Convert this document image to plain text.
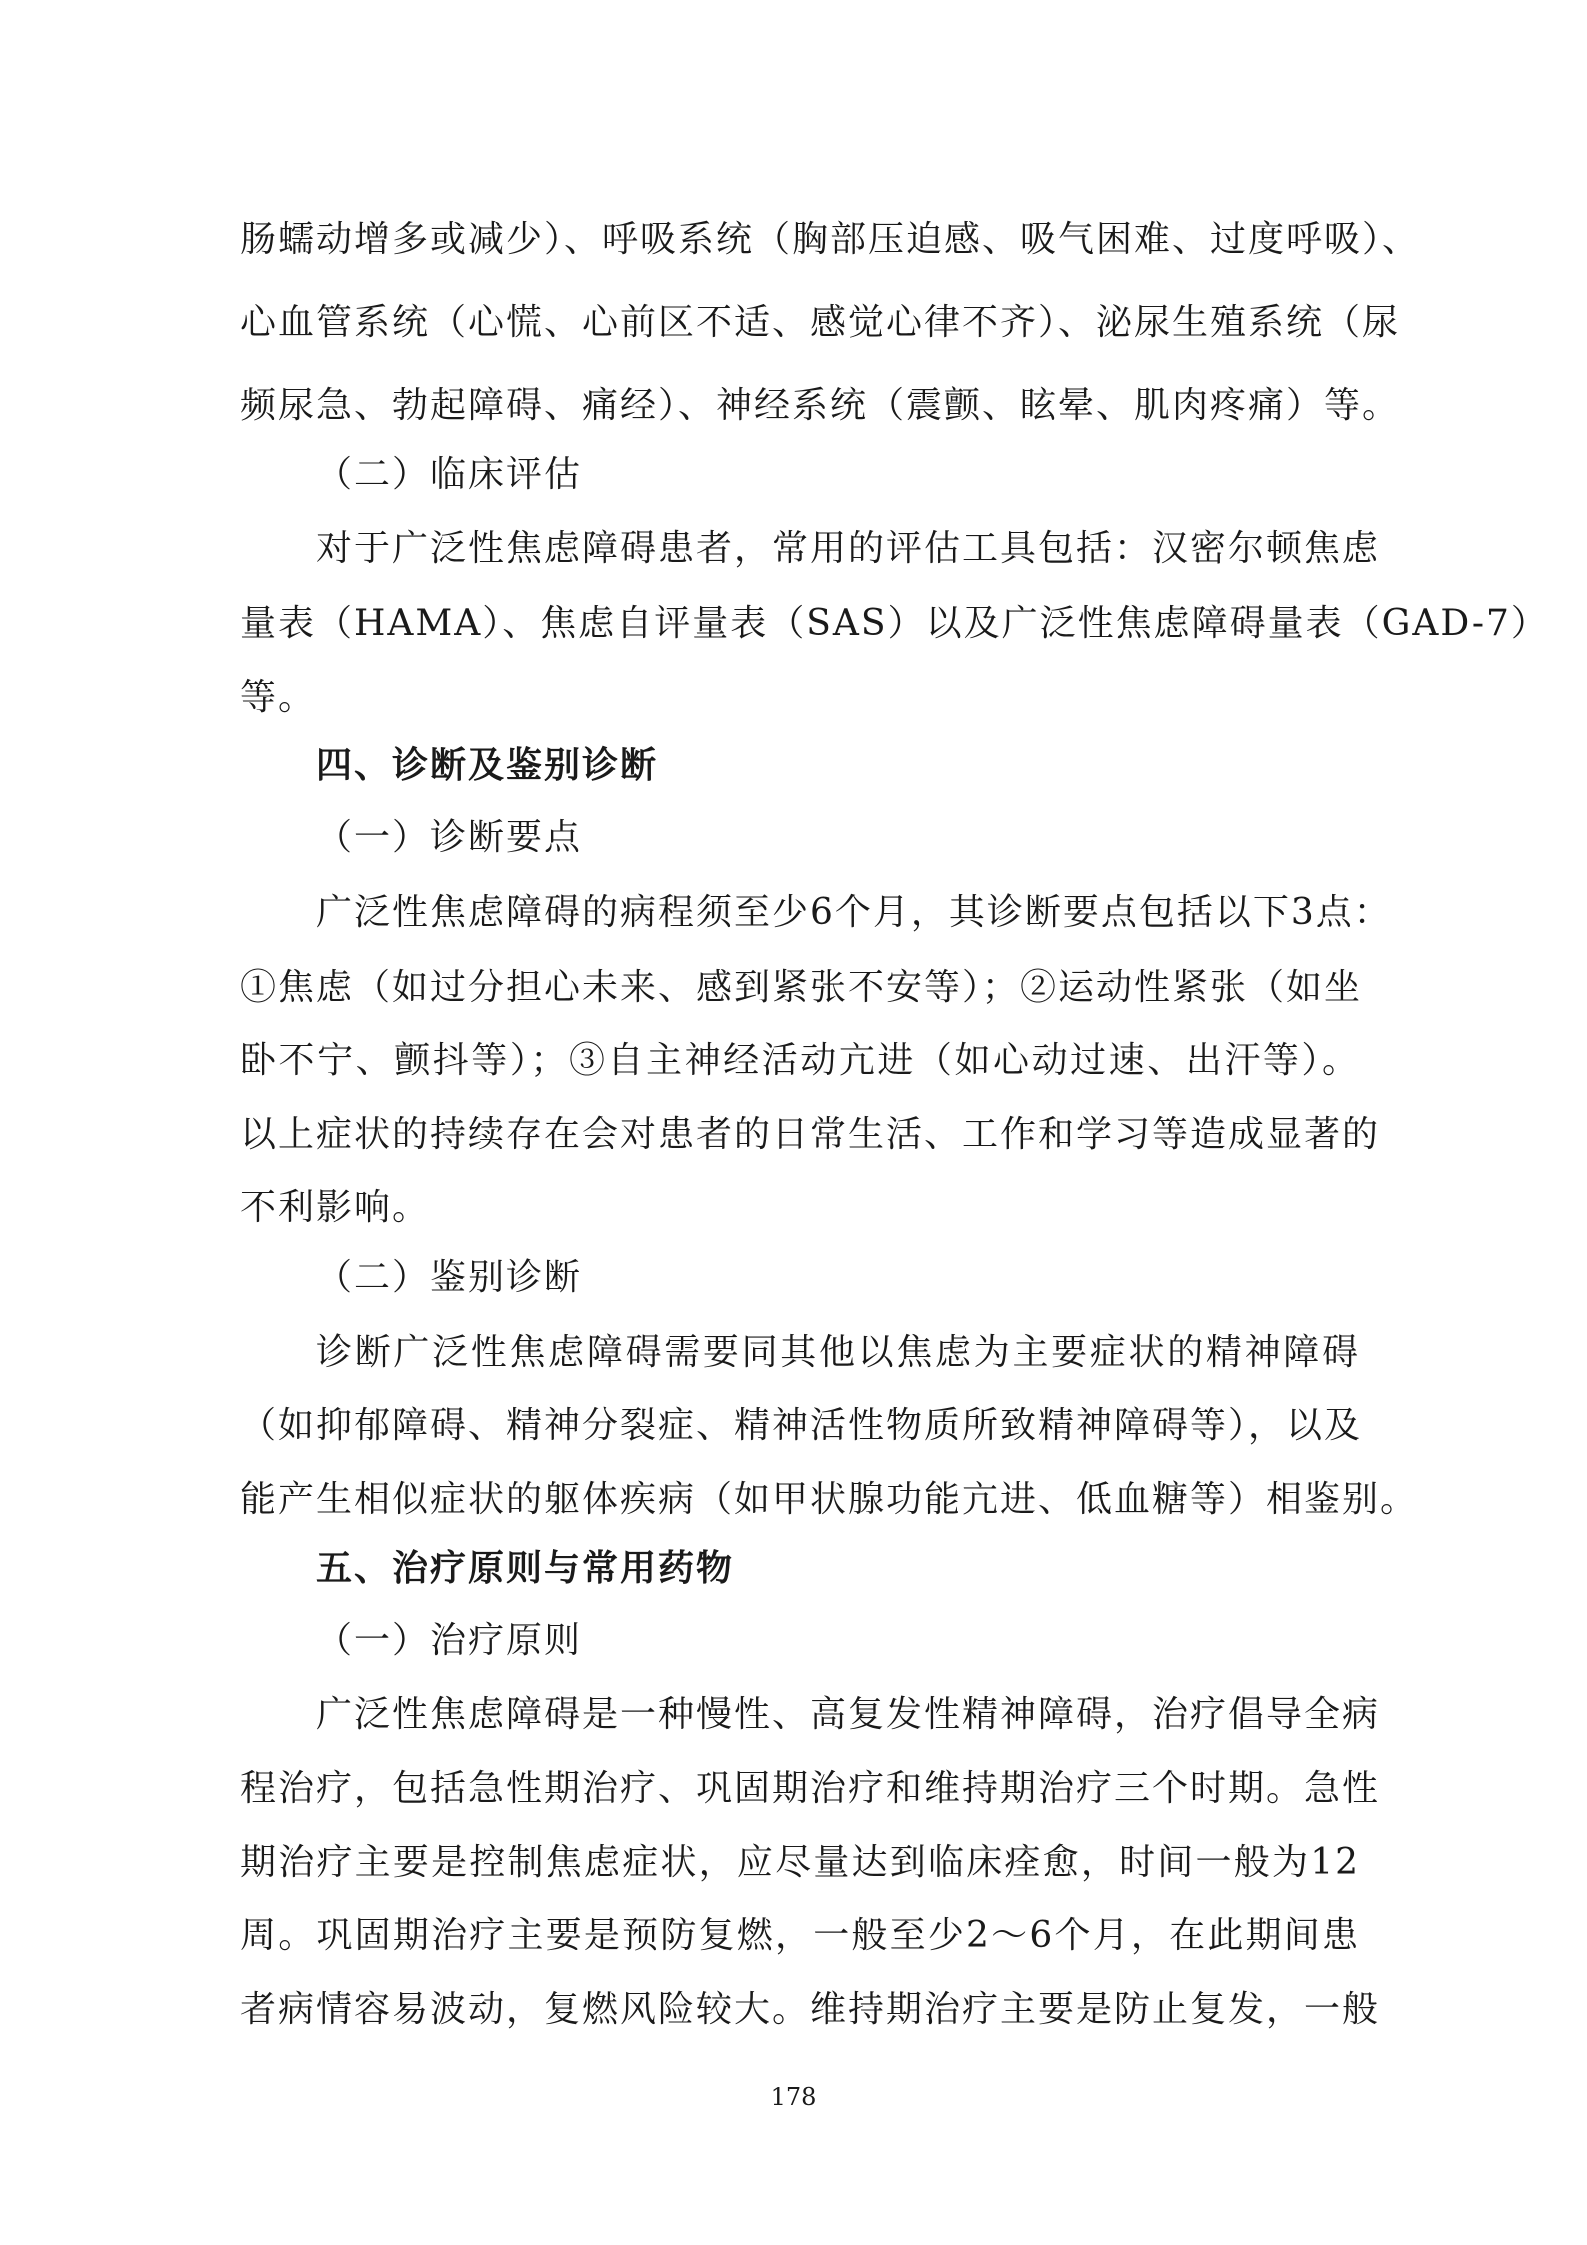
肠蠕动增多或减少）、呼吸系统（胸部压迫感、吸气困难、过度呼吸）、
心血管系统（心慌、心前区不适、感觉心律不齐）、泌尿生殖系统（尿
频尿急、勃起障碍、痛经）、神经系统（震颤、眩晕、肌肉疼痛）等。
（二）临床评估
对于广泛性焦虑障碍患者，常用的评估工具包括：汉密尔顿焦虑
量表（HAMA）、焦虑自评量表（SAS）以及广泛性焦虑障碍量表（GAD-7）
等。
四、诊断及鉴别诊断
（一）诊断要点
广泛性焦虑障碍的病程须至少6个月，其诊断要点包括以下3点：
①焦虑（如过分担心未来、感到紧张不安等）；②运动性紧张（如坐
卧不宁、颤抖等）；③自主神经活动亢进（如心动过速、出汗等）。
以上症状的持续存在会对患者的日常生活、工作和学习等造成显著的
不利影响。
（二）鉴别诊断
诊断广泛性焦虑障碍需要同其他以焦虑为主要症状的精神障碍
（如抑郁障碍、精神分裂症、精神活性物质所致精神障碍等），以及
能产生相似症状的躯体疾病（如甲状腺功能亢进、低血糖等）相鉴别。
五、治疗原则与常用药物
（一）治疗原则
广泛性焦虑障碍是一种慢性、高复发性精神障碍，治疗倡导全病
程治疗，包括急性期治疗、巩固期治疗和维持期治疗三个时期。急性
期治疗主要是控制焦虑症状，应尽量达到临床痊愈，时间一般为12
周。巩固期治疗主要是预防复燃，一般至少2～6个月，在此期间患
者病情容易波动，复燃风险较大。维持期治疗主要是防止复发，一般
178
